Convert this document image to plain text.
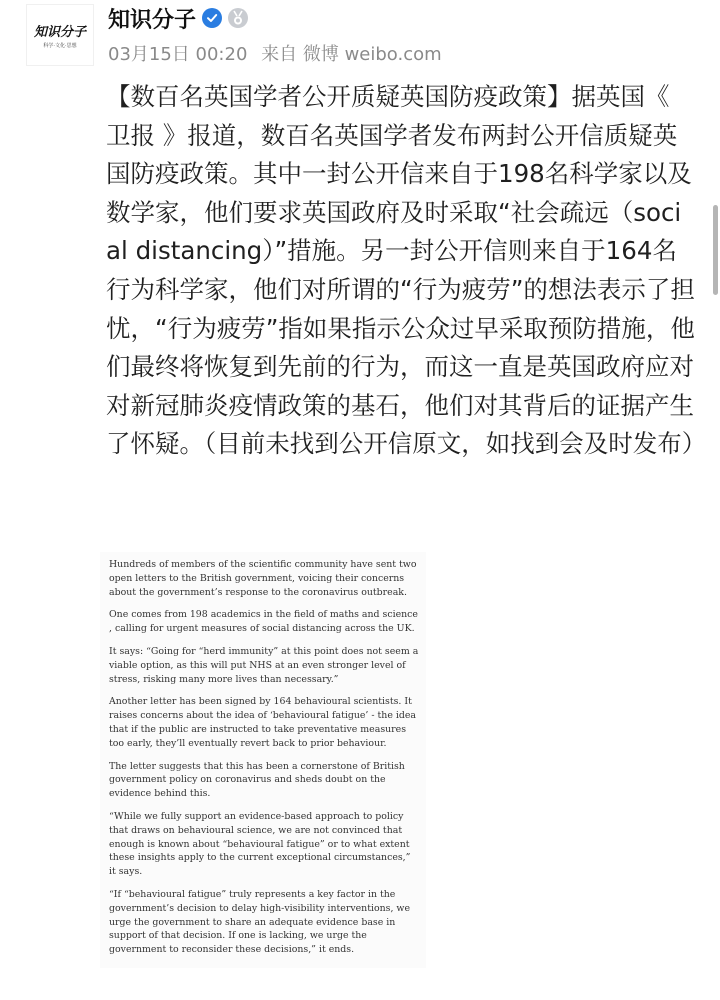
知识分子
科学·文化·思想
知识分子
03月15日 00:20 来自 微博 weibo.com
【数百名英国学者公开质疑英国防疫政策】据英国《 卫报 》报道，数百名英国学者发布两封公开信质疑英国防疫政策。其中一封公开信来自于198名科学家以及数学家，他们要求英国政府及时采取“社会疏远（social distancing）”措施。另一封公开信则来自于164名行为科学家，他们对所谓的“行为疲劳”的想法表示了担忧，“行为疲劳”指如果指示公众过早采取预防措施，他们最终将恢复到先前的行为，而这一直是英国政府应对对新冠肺炎疫情政策的基石，他们对其背后的证据产生了怀疑。（目前未找到公开信原文，如找到会及时发布）

Hundreds of members of the scientific community have sent two open letters to the British government, voicing their concerns about the government’s response to the coronavirus outbreak.

One comes from 198 academics in the field of maths and science , calling for urgent measures of social distancing across the UK.

It says: “Going for “herd immunity” at this point does not seem a viable option, as this will put NHS at an even stronger level of stress, risking many more lives than necessary.”

Another letter has been signed by 164 behavioural scientists. It raises concerns about the idea of ‘behavioural fatigue’ - the idea that if the public are instructed to take preventative measures too early, they’ll eventually revert back to prior behaviour.

The letter suggests that this has been a cornerstone of British government policy on coronavirus and sheds doubt on the evidence behind this.

“While we fully support an evidence-based approach to policy that draws on behavioural science, we are not convinced that enough is known about “behavioural fatigue” or to what extent these insights apply to the current exceptional circumstances,” it says.

“If “behavioural fatigue” truly represents a key factor in the government’s decision to delay high-visibility interventions, we urge the government to share an adequate evidence base in support of that decision. If one is lacking, we urge the government to reconsider these decisions,” it ends.
